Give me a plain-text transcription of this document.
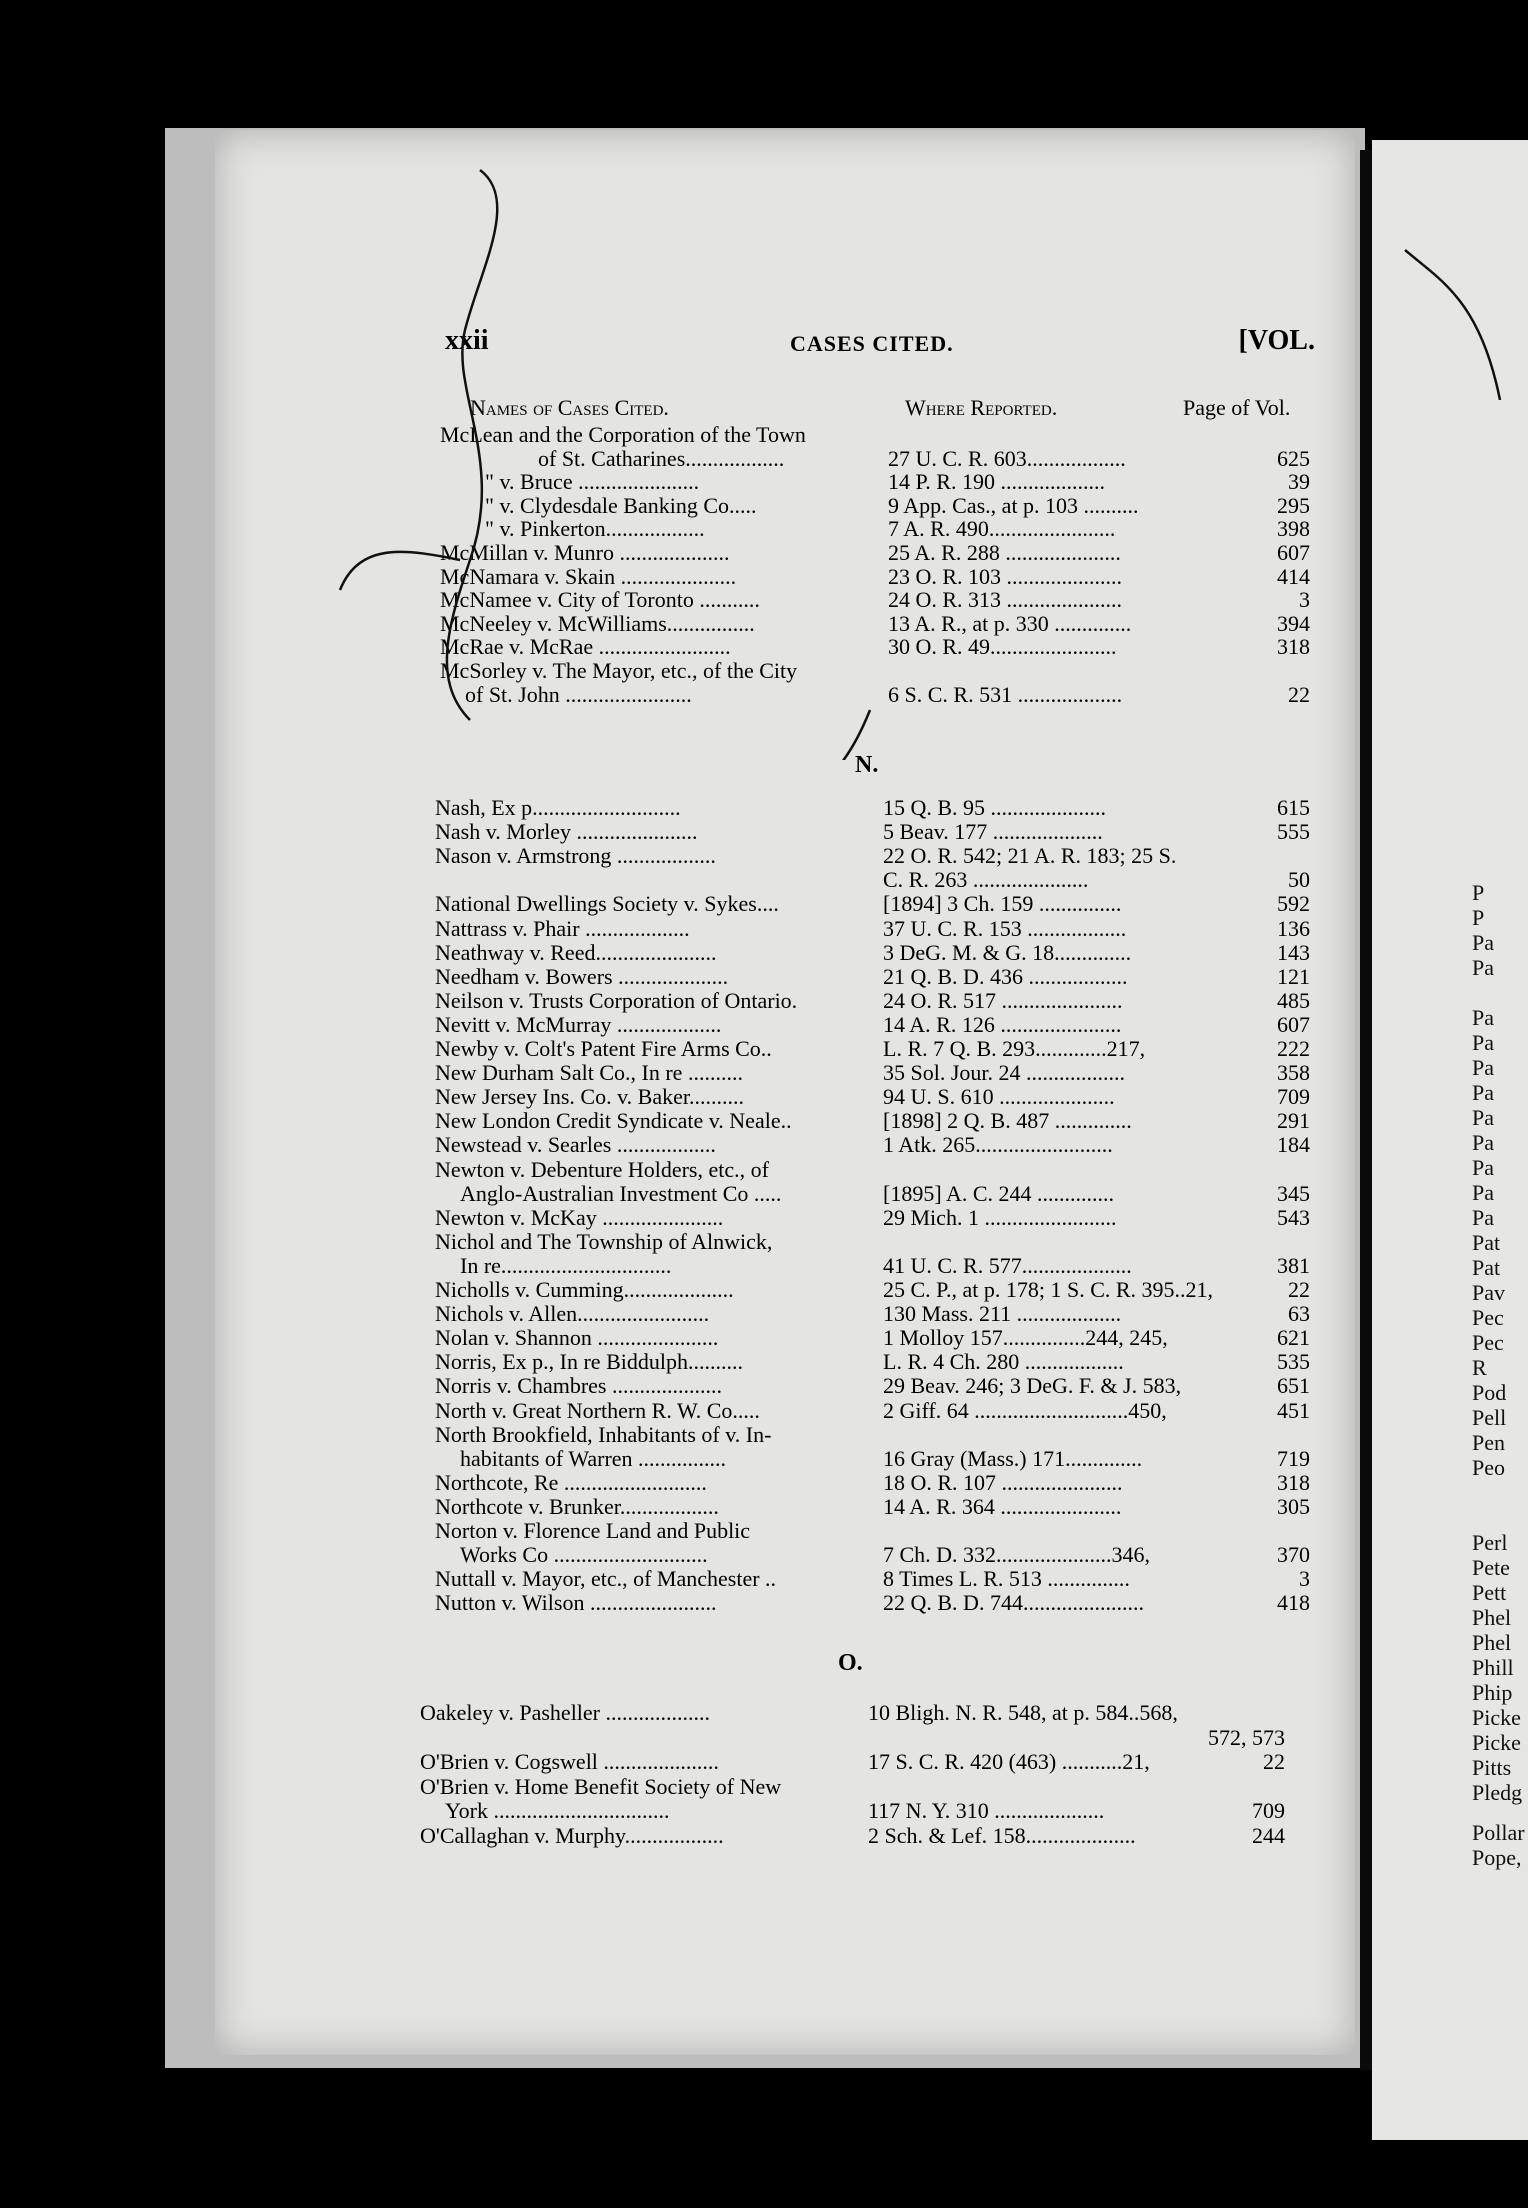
xxii	CASES CITED.	[VOL.
Names of Cases Cited.	Where Reported.	Page of Vol.
McLean and the Corporation of the Town
of St. Catharines..................	27 U. C. R. 603..................	625
" v. Bruce ......................	14 P. R. 190 ...................	39
" v. Clydesdale Banking Co.....	9 App. Cas., at p. 103 ..........	295
" v. Pinkerton..................	7 A. R. 490.......................	398
McMillan v. Munro ....................	25 A. R. 288 .....................	607
McNamara v. Skain .....................	23 O. R. 103 .....................	414
McNamee v. City of Toronto ...........	24 O. R. 313 .....................	3
McNeeley v. McWilliams................	13 A. R., at p. 330 ..............	394
McRae v. McRae ........................	30 O. R. 49.......................	318
McSorley v. The Mayor, etc., of the City
of St. John .......................	6 S. C. R. 531 ...................	22
N.
Nash, Ex p...........................	15 Q. B. 95 .....................	615
Nash v. Morley ......................	5 Beav. 177 ....................	555
Nason v. Armstrong ..................	22 O. R. 542; 21 A. R. 183; 25 S.
C. R. 263 .....................	50
National Dwellings Society v. Sykes....	[1894] 3 Ch. 159 ...............	592
Nattrass v. Phair ...................	37 U. C. R. 153 ..................	136
Neathway v. Reed......................	3 DeG. M. & G. 18..............	143
Needham v. Bowers ....................	21 Q. B. D. 436 ..................	121
Neilson v. Trusts Corporation of Ontario.	24 O. R. 517 ......................	485
Nevitt v. McMurray ...................	14 A. R. 126 ......................	607
Newby v. Colt's Patent Fire Arms Co..	L. R. 7 Q. B. 293.............217,	222
New Durham Salt Co., In re ..........	35 Sol. Jour. 24 ..................	358
New Jersey Ins. Co. v. Baker..........	94 U. S. 610 .....................	709
New London Credit Syndicate v. Neale..	[1898] 2 Q. B. 487 ..............	291
Newstead v. Searles ..................	1 Atk. 265.........................	184
Newton v. Debenture Holders, etc., of
Anglo-Australian Investment Co .....	[1895] A. C. 244 ..............	345
Newton v. McKay ......................	29 Mich. 1 ........................	543
Nichol and The Township of Alnwick,
In re...............................	41 U. C. R. 577....................	381
Nicholls v. Cumming....................	25 C. P., at p. 178; 1 S. C. R. 395..21,	22
Nichols v. Allen........................	130 Mass. 211 ...................	63
Nolan v. Shannon ......................	1 Molloy 157...............244, 245,	621
Norris, Ex p., In re Biddulph..........	L. R. 4 Ch. 280 ..................	535
Norris v. Chambres ....................	29 Beav. 246; 3 DeG. F. & J. 583,	651
North v. Great Northern R. W. Co.....	2 Giff. 64 ............................450,	451
North Brookfield, Inhabitants of v. In-
habitants of Warren ................	16 Gray (Mass.) 171..............	719
Northcote, Re ..........................	18 O. R. 107 ......................	318
Northcote v. Brunker..................	14 A. R. 364 ......................	305
Norton v. Florence Land and Public
Works Co ............................	7 Ch. D. 332.....................346,	370
Nuttall v. Mayor, etc., of Manchester ..	8 Times L. R. 513 ...............	3
Nutton v. Wilson .......................	22 Q. B. D. 744......................	418
O.
Oakeley v. Pasheller ...................	10 Bligh. N. R. 548, at p. 584..568,
572, 573
O'Brien v. Cogswell .....................	17 S. C. R. 420 (463) ...........21,	22
O'Brien v. Home Benefit Society of New
York ................................	117 N. Y. 310 ....................	709
O'Callaghan v. Murphy..................	2 Sch. & Lef. 158....................	244
P
P
Pa
Pa
Pa
Pa
Pa
Pa
Pa
Pa
Pa
Pa
Pa
Pat
Pat
Pav
Pec
Pec
R
Pod
Pell
Pen
Peo
Perl
Pete
Pett
Phel
Phel
Phill
Phip
Picke
Picke
Pitts
Pledg
Pollar
Pope,
